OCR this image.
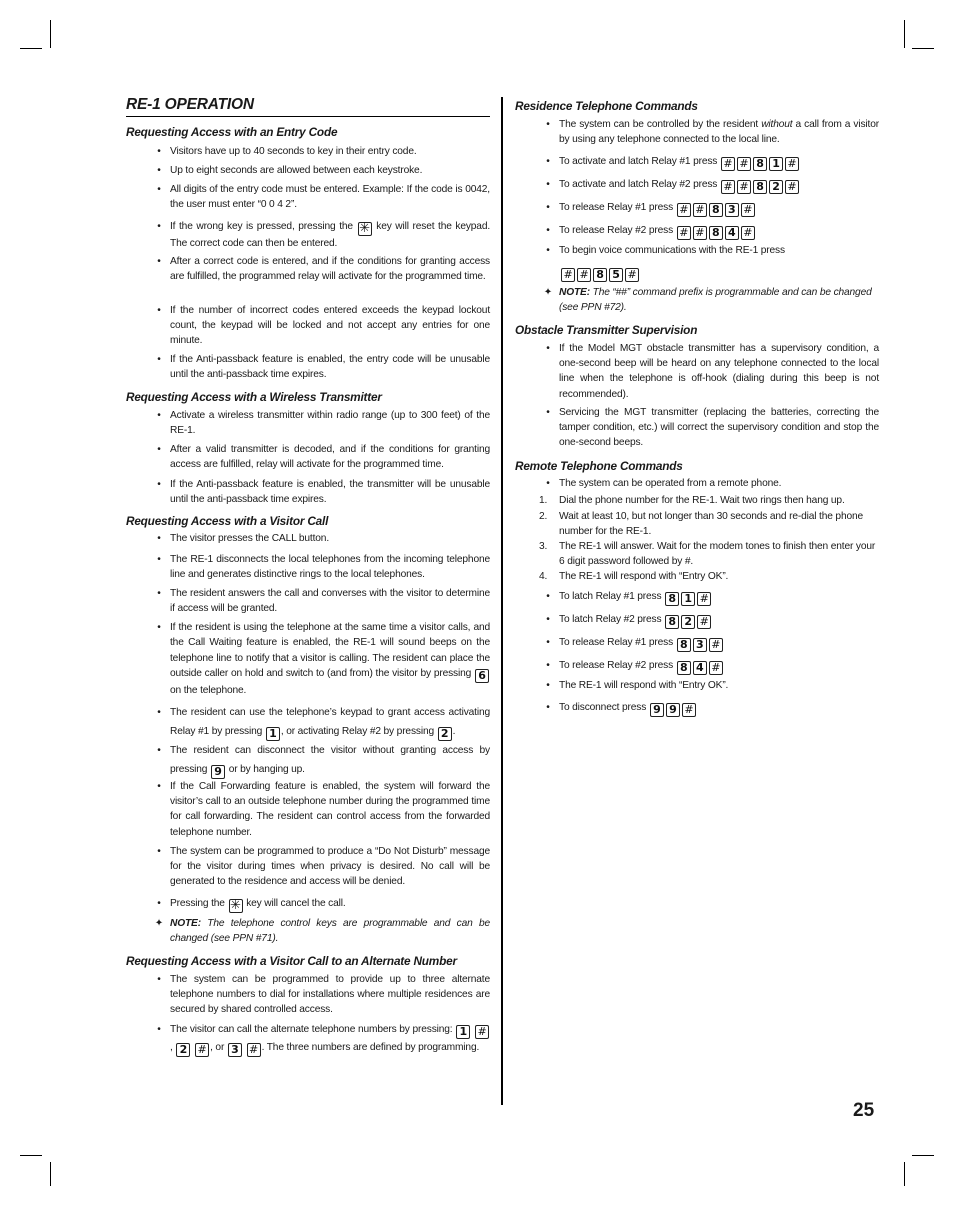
RE-1 OPERATION
Requesting Access with an Entry Code
• Visitors have up to 40 seconds to key in their entry code.
• Up to eight seconds are allowed between each keystroke.
• All digits of the entry code must be entered. Example: If the code is 0042, the user must enter “0 0 4 2”.
• If the wrong key is pressed, pressing the ✳ key will reset the keypad. The correct code can then be entered.
• After a correct code is entered, and if the conditions for granting access are fulfilled, the programmed relay will activate for the programmed time.
• If the number of incorrect codes entered exceeds the keypad lockout count, the keypad will be locked and not accept any entries for one minute.
• If the Anti-passback feature is enabled, the entry code will be unusable until the anti-passback time expires.
Requesting Access with a Wireless Transmitter
• Activate a wireless transmitter within radio range (up to 300 feet) of the RE-1.
• After a valid transmitter is decoded, and if the conditions for granting access are fulfilled, relay will activate for the programmed time.
• If the Anti-passback feature is enabled, the transmitter will be unusable until the anti-passback time expires.
Requesting Access with a Visitor Call
• The visitor presses the CALL button.
• The RE-1 disconnects the local telephones from the incoming telephone line and generates distinctive rings to the local telephones.
• The resident answers the call and converses with the visitor to determine if access will be granted.
• If the resident is using the telephone at the same time a visitor calls, and the Call Waiting feature is enabled, the RE-1 will sound beeps on the telephone line to notify that a visitor is calling. The resident can place the outside caller on hold and switch to (and from) the visitor by pressing 6 on the telephone.
• The resident can use the telephone’s keypad to grant access activating Relay #1 by pressing 1 , or activating Relay #2 by pressing 2 .
• The resident can disconnect the visitor without granting access by pressing 9 or by hanging up.
• If the Call Forwarding feature is enabled, the system will forward the visitor’s call to an outside telephone number during the programmed time for call forwarding. The resident can control access from the forwarded telephone number.
• The system can be programmed to produce a “Do Not Disturb” message for the visitor during times when privacy is desired. No call will be generated to the residence and access will be denied.
• Pressing the ✳ key will cancel the call.
✦ NOTE: The telephone control keys are programmable and can be changed (see PPN #71).
Requesting Access with a Visitor Call to an Alternate Number
• The system can be programmed to provide up to three alternate telephone numbers to dial for installations where multiple residences are secured by shared controlled access.
• The visitor can call the alternate telephone numbers by pressing: 1 #, 2 # , or 3 # . The three numbers are defined by programming.
Residence Telephone Commands
• The system can be controlled by the resident without a call from a visitor by using any telephone connected to the local line.
• To activate and latch Relay #1 press # # 8 1 #
• To activate and latch Relay #2 press # # 8 2 #
• To release Relay #1 press # # 8 3 #
• To release Relay #2 press # # 8 4 #
• To begin voice communications with the RE-1 press
# # 8 5 #
✦ NOTE: The “##” command prefix is programmable and can be changed (see PPN #72).
Obstacle Transmitter Supervision
• If the Model MGT obstacle transmitter has a supervisory condition, a one-second beep will be heard on any telephone connected to the local line when the telephone is off-hook (dialing during this beep is not recommended).
• Servicing the MGT transmitter (replacing the batteries, correcting the tamper condition, etc.) will correct the supervisory condition and stop the one-second beeps.
Remote Telephone Commands
• The system can be operated from a remote phone.
1. Dial the phone number for the RE-1. Wait two rings then hang up.
2. Wait at least 10, but not longer than 30 seconds and re-dial the phone number for the RE-1.
3. The RE-1 will answer. Wait for the modem tones to finish then enter your 6 digit password followed by #.
4. The RE-1 will respond with “Entry OK”.
• To latch Relay #1 press 8 1 #
• To latch Relay #2 press 8 2 #
• To release Relay #1 press 8 3 #
• To release Relay #2 press 8 4 #
• The RE-1 will respond with “Entry OK”.
• To disconnect press 9 9 #
25
